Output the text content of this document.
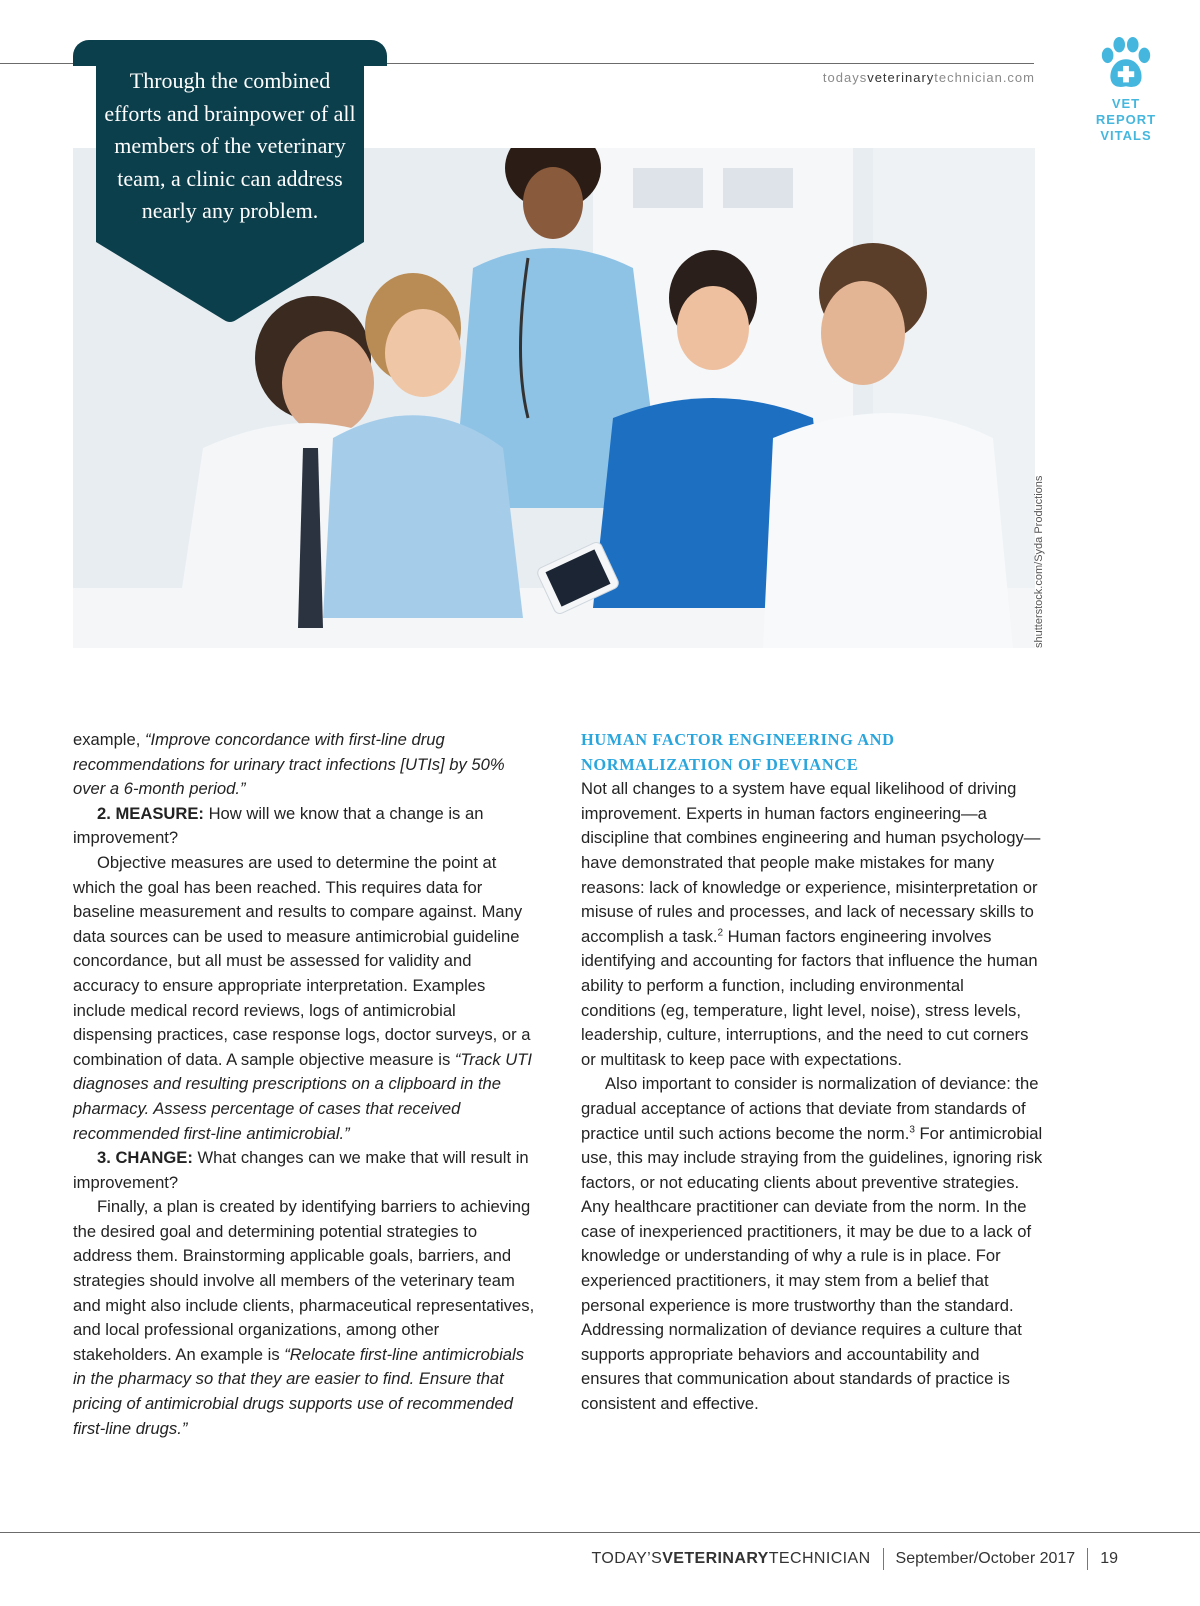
todaysveterinarytechnician.com
VET
REPORT
VITALS
shutterstock.com/Syda Productions
Through the combined efforts and brainpower of all members of the veterinary team, a clinic can address nearly any problem.

example, “Improve concordance with first-line drug recommendations for urinary tract infections [UTIs] by 50% over a 6-month period.”

2. MEASURE: How will we know that a change is an improvement?

Objective measures are used to determine the point at which the goal has been reached. This requires data for baseline measurement and results to compare against. Many data sources can be used to measure antimicrobial guideline concordance, but all must be assessed for validity and accuracy to ensure appropriate interpretation. Examples include medical record reviews, logs of antimicrobial dispensing practices, case response logs, doctor surveys, or a combination of data. A sample objective measure is “Track UTI diagnoses and resulting prescriptions on a clipboard in the pharmacy. Assess percentage of cases that received recommended first-line antimicrobial.”

3. CHANGE: What changes can we make that will result in improvement?

Finally, a plan is created by identifying barriers to achieving the desired goal and determining potential strategies to address them. Brainstorming applicable goals, barriers, and strategies should involve all members of the veterinary team and might also include clients, pharmaceutical representatives, and local professional organizations, among other stakeholders. An example is “Relocate first-line antimicrobials in the pharmacy so that they are easier to find. Ensure that pricing of antimicrobial drugs supports use of recommended first-line drugs.”

HUMAN FACTOR ENGINEERING AND
NORMALIZATION OF DEVIANCE

Not all changes to a system have equal likelihood of driving improvement. Experts in human factors engineering—a discipline that combines engineering and human psychology—have demonstrated that people make mistakes for many reasons: lack of knowledge or experience, misinterpretation or misuse of rules and processes, and lack of necessary skills to accomplish a task.$^2$ Human factors engineering involves identifying and accounting for factors that influence the human ability to perform a function, including environmental conditions (eg, temperature, light level, noise), stress levels, leadership, culture, interruptions, and the need to cut corners or multitask to keep pace with expectations.

Also important to consider is normalization of deviance: the gradual acceptance of actions that deviate from standards of practice until such actions become the norm.$^3$ For antimicrobial use, this may include straying from the guidelines, ignoring risk factors, or not educating clients about preventive strategies. Any healthcare practitioner can deviate from the norm. In the case of inexperienced practitioners, it may be due to a lack of knowledge or understanding of why a rule is in place. For experienced practitioners, it may stem from a belief that personal experience is more trustworthy than the standard. Addressing normalization of deviance requires a culture that supports appropriate behaviors and accountability and ensures that communication about standards of practice is consistent and effective.

TODAY’SVETERINARYTECHNICIAN September/October 2017 19
